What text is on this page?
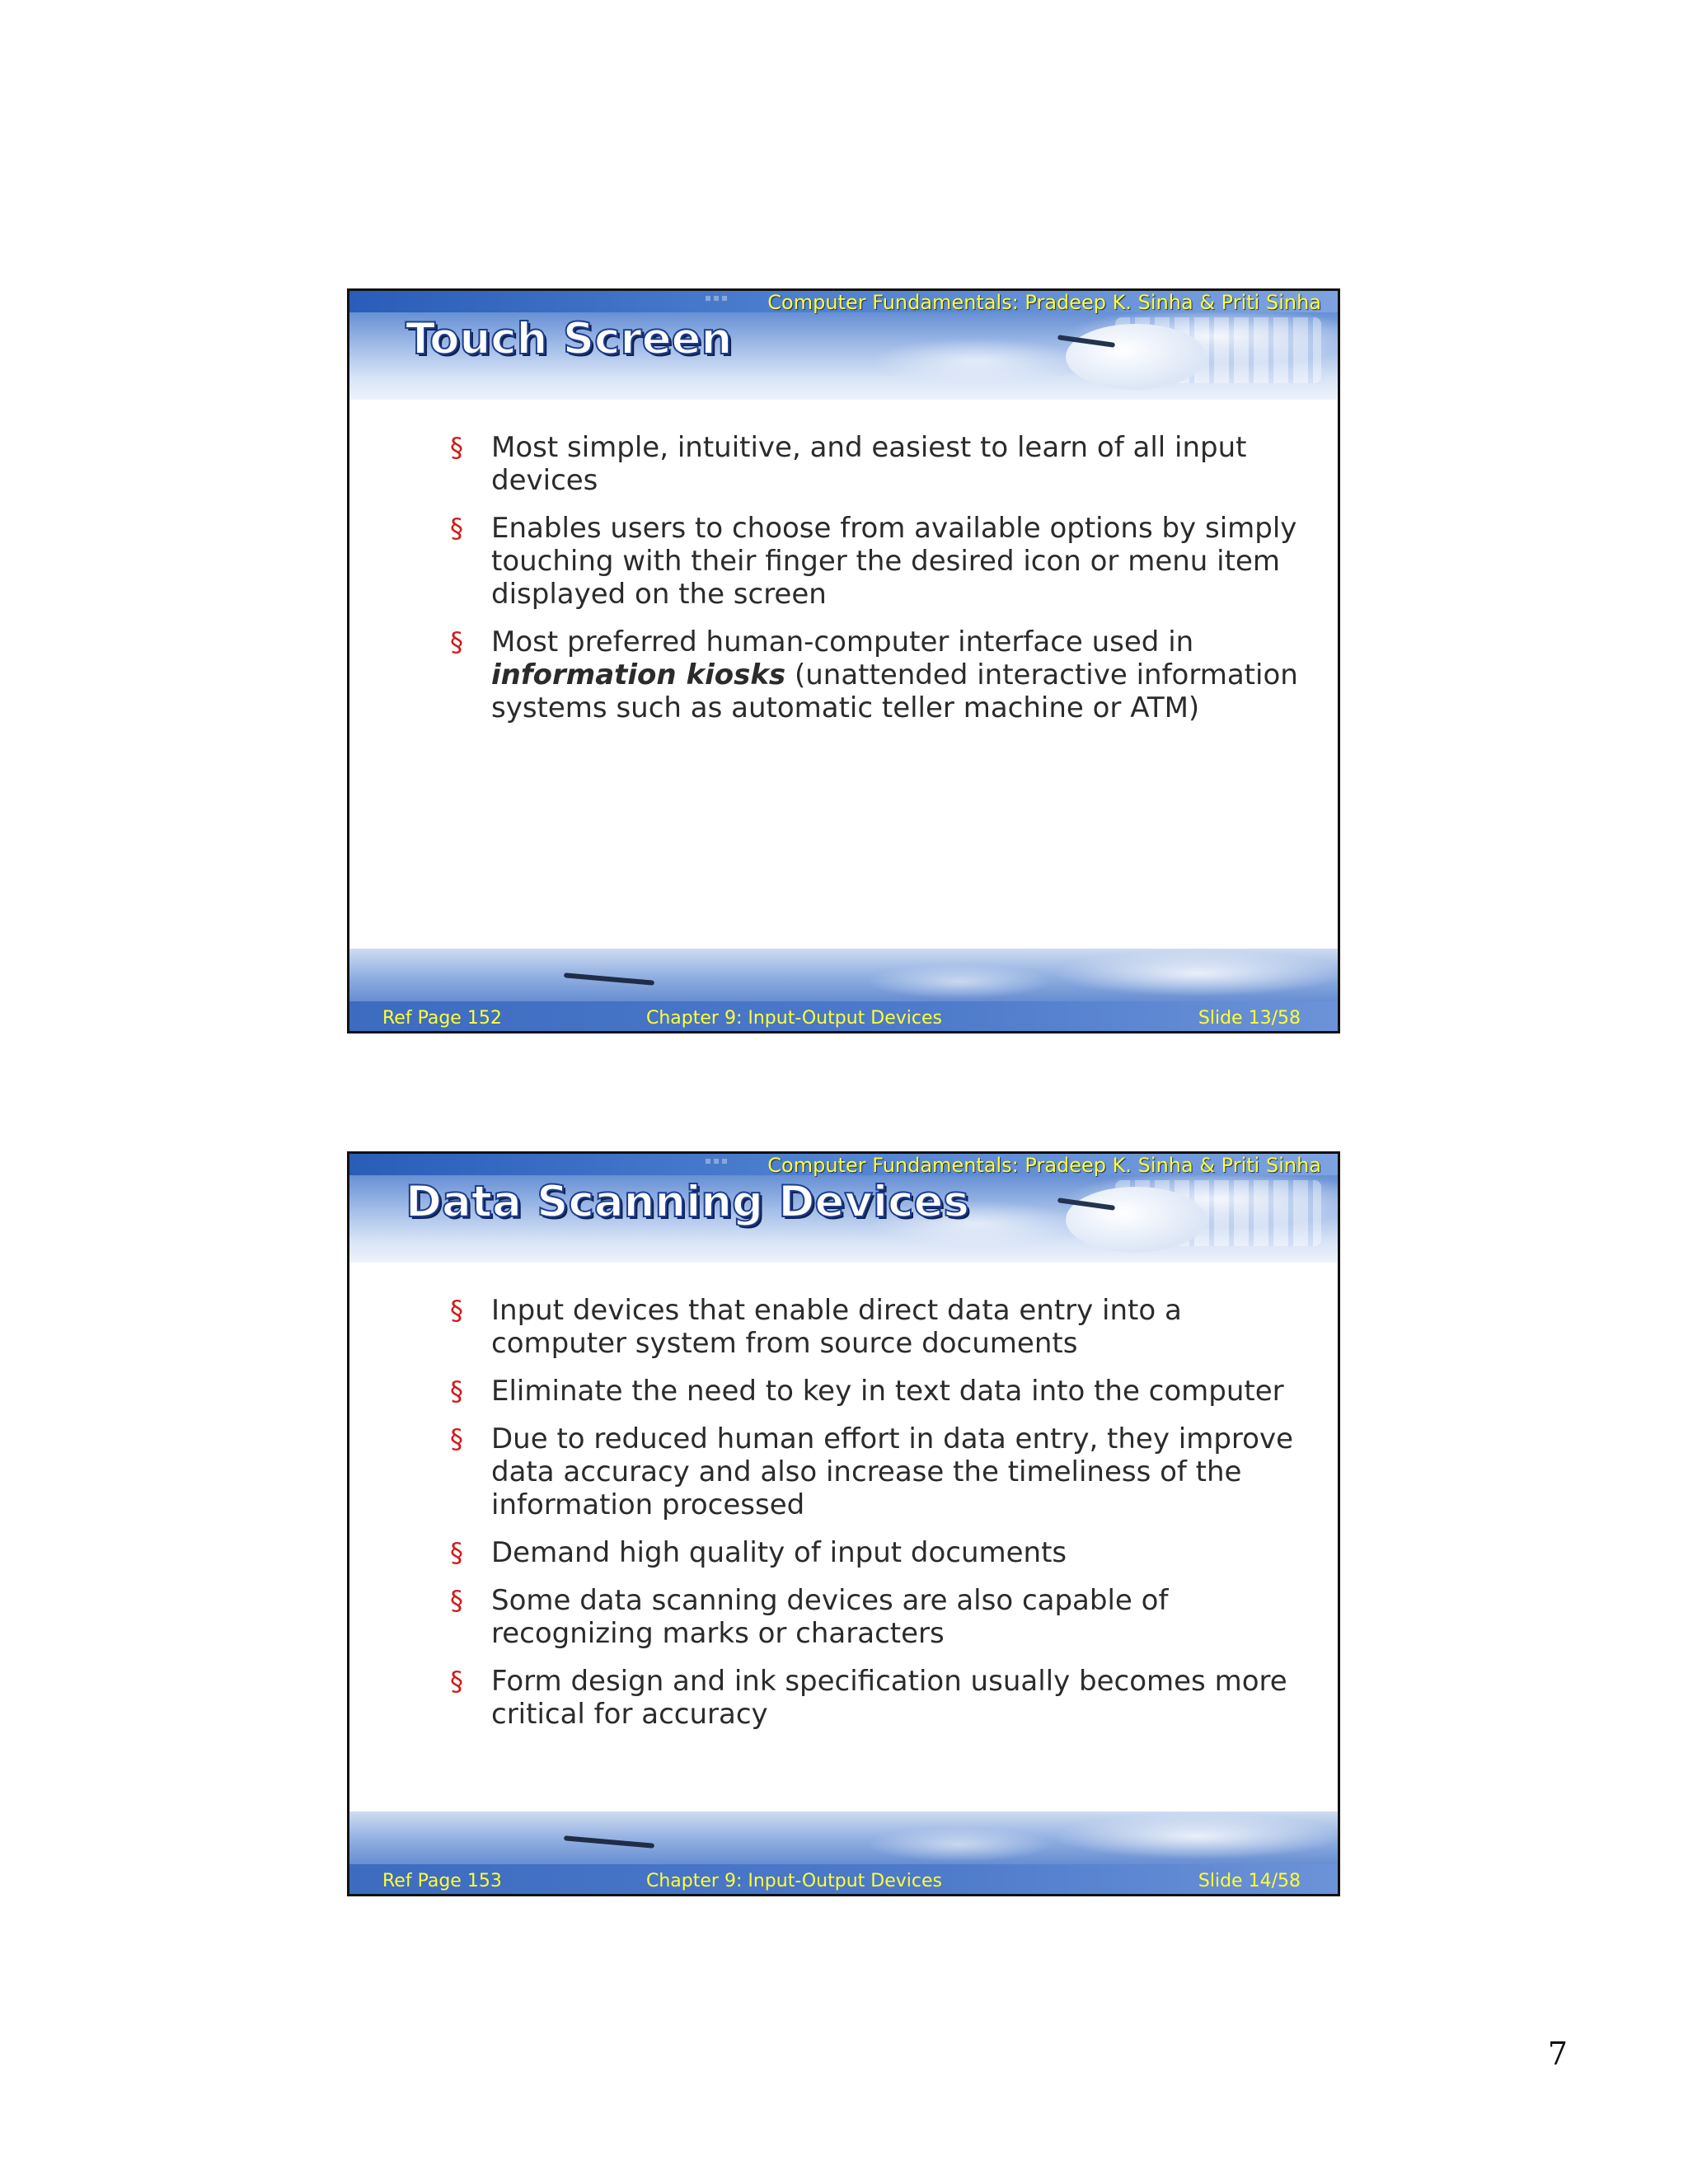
Computer Fundamentals: Pradeep K. Sinha & Priti Sinha
Touch Screen
§ Most simple, intuitive, and easiest to learn of all input devices
§ Enables users to choose from available options by simply touching with their finger the desired icon or menu item displayed on the screen
§ Most preferred human-computer interface used in information kiosks (unattended interactive information systems such as automatic teller machine or ATM)
Ref Page 152	Chapter 9: Input-Output Devices	Slide 13/58
Computer Fundamentals: Pradeep K. Sinha & Priti Sinha
Data Scanning Devices
§ Input devices that enable direct data entry into a computer system from source documents
§ Eliminate the need to key in text data into the computer
§ Due to reduced human effort in data entry, they improve data accuracy and also increase the timeliness of the information processed
§ Demand high quality of input documents
§ Some data scanning devices are also capable of recognizing marks or characters
§ Form design and ink specification usually becomes more critical for accuracy
Ref Page 153	Chapter 9: Input-Output Devices	Slide 14/58
7
